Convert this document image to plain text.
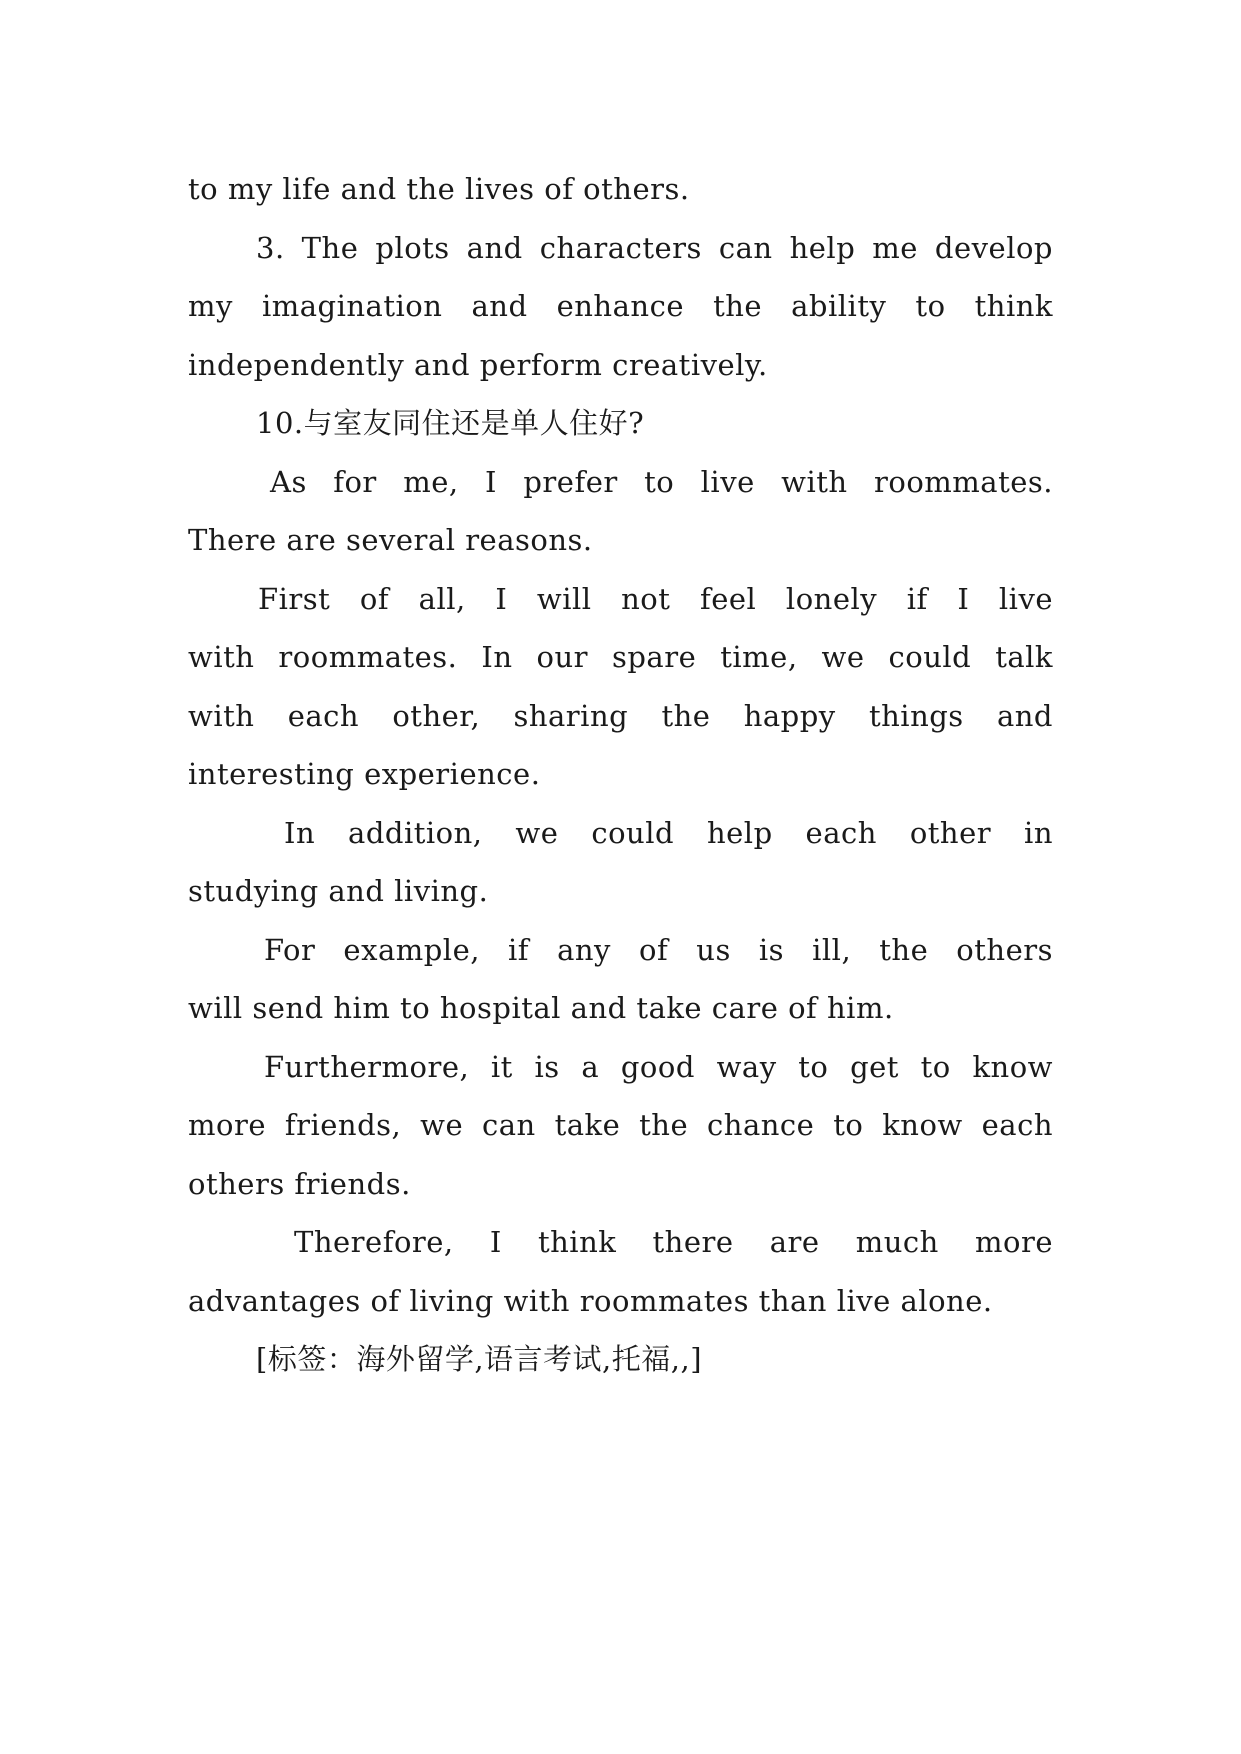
to my life and the lives of others.
3. The plots and characters can help me develop
my imagination and enhance the ability to think
independently and perform creatively.
10.与室友同住还是单人住好?
As for me, I prefer to live with roommates.
There are several reasons.
First of all, I will not feel lonely if I live
with roommates. In our spare time, we could talk
with each other, sharing the happy things and
interesting experience.
In addition, we could help each other in
studying and living.
For example, if any of us is ill, the others
will send him to hospital and take care of him.
Furthermore, it is a good way to get to know
more friends, we can take the chance to know each
others friends.
Therefore, I think there are much more
advantages of living with roommates than live alone.
[标签：海外留学,语言考试,托福,,]
